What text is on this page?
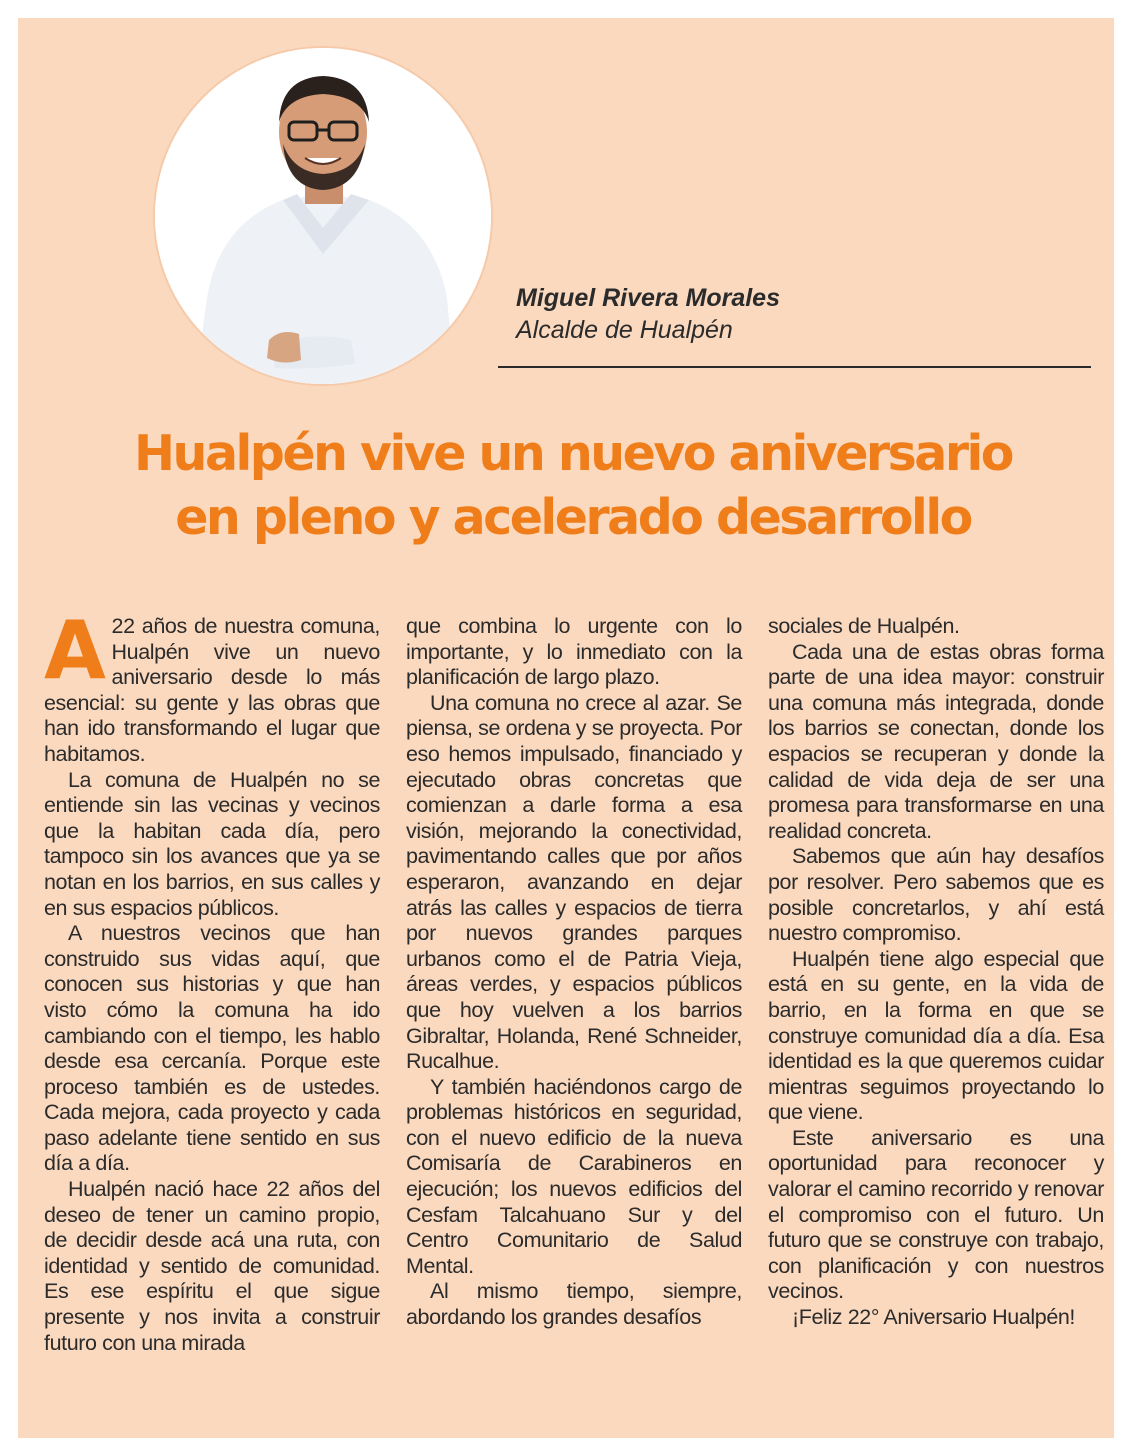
Miguel Rivera Morales
Alcalde de Hualpén
Hualpén vive un nuevo aniversario
en pleno y acelerado desarrollo

A 22 años de nuestra comuna, Hualpén vive un nuevo aniversario desde lo más esencial: su gente y las obras que han ido transformando el lugar que habitamos.

La comuna de Hualpén no se entiende sin las vecinas y vecinos que la habitan cada día, pero tampoco sin los avances que ya se notan en los barrios, en sus calles y en sus espacios públicos.

A nuestros vecinos que han construido sus vidas aquí, que conocen sus historias y que han visto cómo la comuna ha ido cambiando con el tiempo, les hablo desde esa cercanía. Porque este proceso también es de ustedes. Cada mejora, cada proyecto y cada paso adelante tiene sentido en sus día a día.

Hualpén nació hace 22 años del deseo de tener un camino propio, de decidir desde acá una ruta, con identidad y sentido de comunidad. Es ese espíritu el que sigue presente y nos invita a construir futuro con una mirada

que combina lo urgente con lo importante, y lo inmediato con la planificación de largo plazo.

Una comuna no crece al azar. Se piensa, se ordena y se proyecta. Por eso hemos impulsado, financiado y ejecutado obras concretas que comienzan a darle forma a esa visión, mejorando la conectividad, pavimentando calles que por años esperaron, avanzando en dejar atrás las calles y espacios de tierra por nuevos grandes parques urbanos como el de Patria Vieja, áreas verdes, y espacios públicos que hoy vuelven a los barrios Gibraltar, Holanda, René Schneider, Rucalhue.

Y también haciéndonos cargo de problemas históricos en seguridad, con el nuevo edificio de la nueva Comisaría de Carabineros en ejecución; los nuevos edificios del Cesfam Talcahuano Sur y del Centro Comunitario de Salud Mental.

Al mismo tiempo, siempre, abordando los grandes desafíos

sociales de Hualpén.

Cada una de estas obras forma parte de una idea mayor: construir una comuna más integrada, donde los barrios se conectan, donde los espacios se recuperan y donde la calidad de vida deja de ser una promesa para transformarse en una realidad concreta.

Sabemos que aún hay desafíos por resolver. Pero sabemos que es posible concretarlos, y ahí está nuestro compromiso.

Hualpén tiene algo especial que está en su gente, en la vida de barrio, en la forma en que se construye comunidad día a día. Esa identidad es la que queremos cuidar mientras seguimos proyectando lo que viene.

Este aniversario es una oportunidad para reconocer y valorar el camino recorrido y renovar el compromiso con el futuro. Un futuro que se construye con trabajo, con planificación y con nuestros vecinos.

¡Feliz 22° Aniversario Hualpén!
